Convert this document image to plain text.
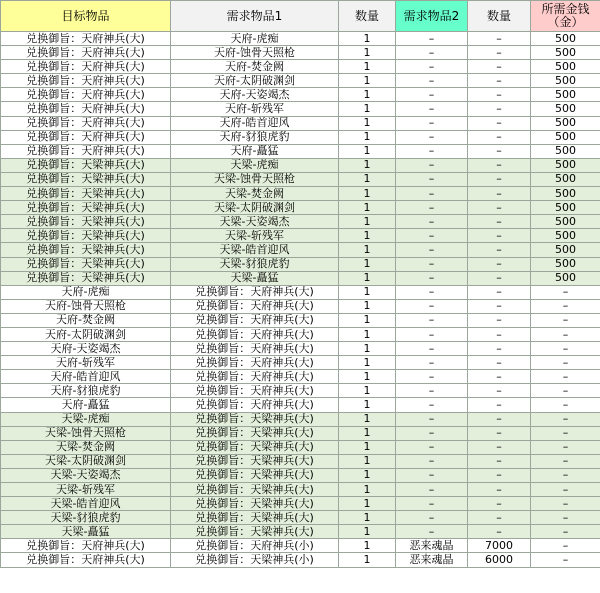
目标物品	需求物品1	数量	需求物品2	数量	所需金钱（金）
兑换御旨：天府神兵(大)	天府-虎痴	1	–	–	500
兑换御旨：天府神兵(大)	天府-蚀骨天照枪	1	–	–	500
兑换御旨：天府神兵(大)	天府-焚金阙	1	–	–	500
兑换御旨：天府神兵(大)	天府-太阴破渊剑	1	–	–	500
兑换御旨：天府神兵(大)	天府-天姿竭杰	1	–	–	500
兑换御旨：天府神兵(大)	天府-斩残军	1	–	–	500
兑换御旨：天府神兵(大)	天府-皓首迎风	1	–	–	500
兑换御旨：天府神兵(大)	天府-豺狼虎豹	1	–	–	500
兑换御旨：天府神兵(大)	天府-矗猛	1	–	–	500
兑换御旨：天梁神兵(大)	天梁-虎痴	1	–	–	500
兑换御旨：天梁神兵(大)	天梁-蚀骨天照枪	1	–	–	500
兑换御旨：天梁神兵(大)	天梁-焚金阙	1	–	–	500
兑换御旨：天梁神兵(大)	天梁-太阴破渊剑	1	–	–	500
兑换御旨：天梁神兵(大)	天梁-天姿竭杰	1	–	–	500
兑换御旨：天梁神兵(大)	天梁-斩残军	1	–	–	500
兑换御旨：天梁神兵(大)	天梁-皓首迎风	1	–	–	500
兑换御旨：天梁神兵(大)	天梁-豺狼虎豹	1	–	–	500
兑换御旨：天梁神兵(大)	天梁-矗猛	1	–	–	500
天府-虎痴	兑换御旨：天府神兵(大)	1	–	–	–
天府-蚀骨天照枪	兑换御旨：天府神兵(大)	1	–	–	–
天府-焚金阙	兑换御旨：天府神兵(大)	1	–	–	–
天府-太阴破渊剑	兑换御旨：天府神兵(大)	1	–	–	–
天府-天姿竭杰	兑换御旨：天府神兵(大)	1	–	–	–
天府-斩残军	兑换御旨：天府神兵(大)	1	–	–	–
天府-皓首迎风	兑换御旨：天府神兵(大)	1	–	–	–
天府-豺狼虎豹	兑换御旨：天府神兵(大)	1	–	–	–
天府-矗猛	兑换御旨：天府神兵(大)	1	–	–	–
天梁-虎痴	兑换御旨：天梁神兵(大)	1	–	–	–
天梁-蚀骨天照枪	兑换御旨：天梁神兵(大)	1	–	–	–
天梁-焚金阙	兑换御旨：天梁神兵(大)	1	–	–	–
天梁-太阴破渊剑	兑换御旨：天梁神兵(大)	1	–	–	–
天梁-天姿竭杰	兑换御旨：天梁神兵(大)	1	–	–	–
天梁-斩残军	兑换御旨：天梁神兵(大)	1	–	–	–
天梁-皓首迎风	兑换御旨：天梁神兵(大)	1	–	–	–
天梁-豺狼虎豹	兑换御旨：天梁神兵(大)	1	–	–	–
天梁-矗猛	兑换御旨：天梁神兵(大)	1	–	–	–
兑换御旨：天府神兵(大)	兑换御旨：天府神兵(小)	1	恶来魂晶	7000	–
兑换御旨：天府神兵(大)	兑换御旨：天梁神兵(小)	1	恶来魂晶	6000	–
